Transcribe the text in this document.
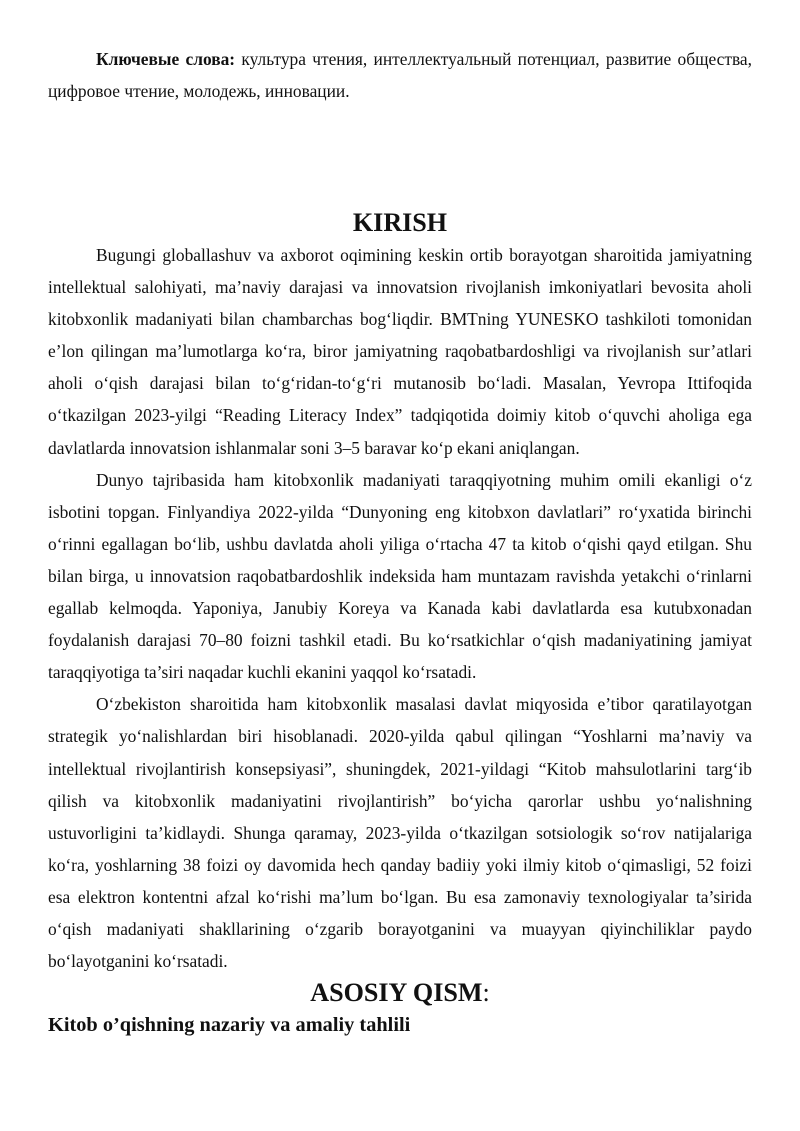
Ключевые слова: культура чтения, интеллектуальный потенциал, развитие общества, цифровое чтение, молодежь, инновации.

KIRISH

Bugungi globallashuv va axborot oqimining keskin ortib borayotgan sharoitida jamiyatning intellektual salohiyati, ma’naviy darajasi va innovatsion rivojlanish imkoniyatlari bevosita aholi kitobxonlik madaniyati bilan chambarchas bog‘liqdir. BMTning YUNESKO tashkiloti tomonidan e’lon qilingan ma’lumotlarga ko‘ra, biror jamiyatning raqobatbardoshligi va rivojlanish sur’atlari aholi o‘qish darajasi bilan to‘g‘ridan-to‘g‘ri mutanosib bo‘ladi. Masalan, Yevropa Ittifoqida o‘tkazilgan 2023-yilgi “Reading Literacy Index” tadqiqotida doimiy kitob o‘quvchi aholiga ega davlatlarda innovatsion ishlanmalar soni 3–5 baravar ko‘p ekani aniqlangan.

Dunyo tajribasida ham kitobxonlik madaniyati taraqqiyotning muhim omili ekanligi o‘z isbotini topgan. Finlyandiya 2022-yilda “Dunyoning eng kitobxon davlatlari” ro‘yxatida birinchi o‘rinni egallagan bo‘lib, ushbu davlatda aholi yiliga o‘rtacha 47 ta kitob o‘qishi qayd etilgan. Shu bilan birga, u innovatsion raqobatbardoshlik indeksida ham muntazam ravishda yetakchi o‘rinlarni egallab kelmoqda. Yaponiya, Janubiy Koreya va Kanada kabi davlatlarda esa kutubxonadan foydalanish darajasi 70–80 foizni tashkil etadi. Bu ko‘rsatkichlar o‘qish madaniyatining jamiyat taraqqiyotiga ta’siri naqadar kuchli ekanini yaqqol ko‘rsatadi.

O‘zbekiston sharoitida ham kitobxonlik masalasi davlat miqyosida e’tibor qaratilayotgan strategik yo‘nalishlardan biri hisoblanadi. 2020-yilda qabul qilingan “Yoshlarni ma’naviy va intellektual rivojlantirish konsepsiyasi”, shuningdek, 2021-yildagi “Kitob mahsulotlarini targ‘ib qilish va kitobxonlik madaniyatini rivojlantirish” bo‘yicha qarorlar ushbu yo‘nalishning ustuvorligini ta’kidlaydi. Shunga qaramay, 2023-yilda o‘tkazilgan sotsiologik so‘rov natijalariga ko‘ra, yoshlarning 38 foizi oy davomida hech qanday badiiy yoki ilmiy kitob o‘qimasligi, 52 foizi esa elektron kontentni afzal ko‘rishi ma’lum bo‘lgan. Bu esa zamonaviy texnologiyalar ta’sirida o‘qish madaniyati shakllarining o‘zgarib borayotganini va muayyan qiyinchiliklar paydo bo‘layotganini ko‘rsatadi.

ASOSIY QISM:
Kitob o’qishning nazariy va amaliy tahlili
